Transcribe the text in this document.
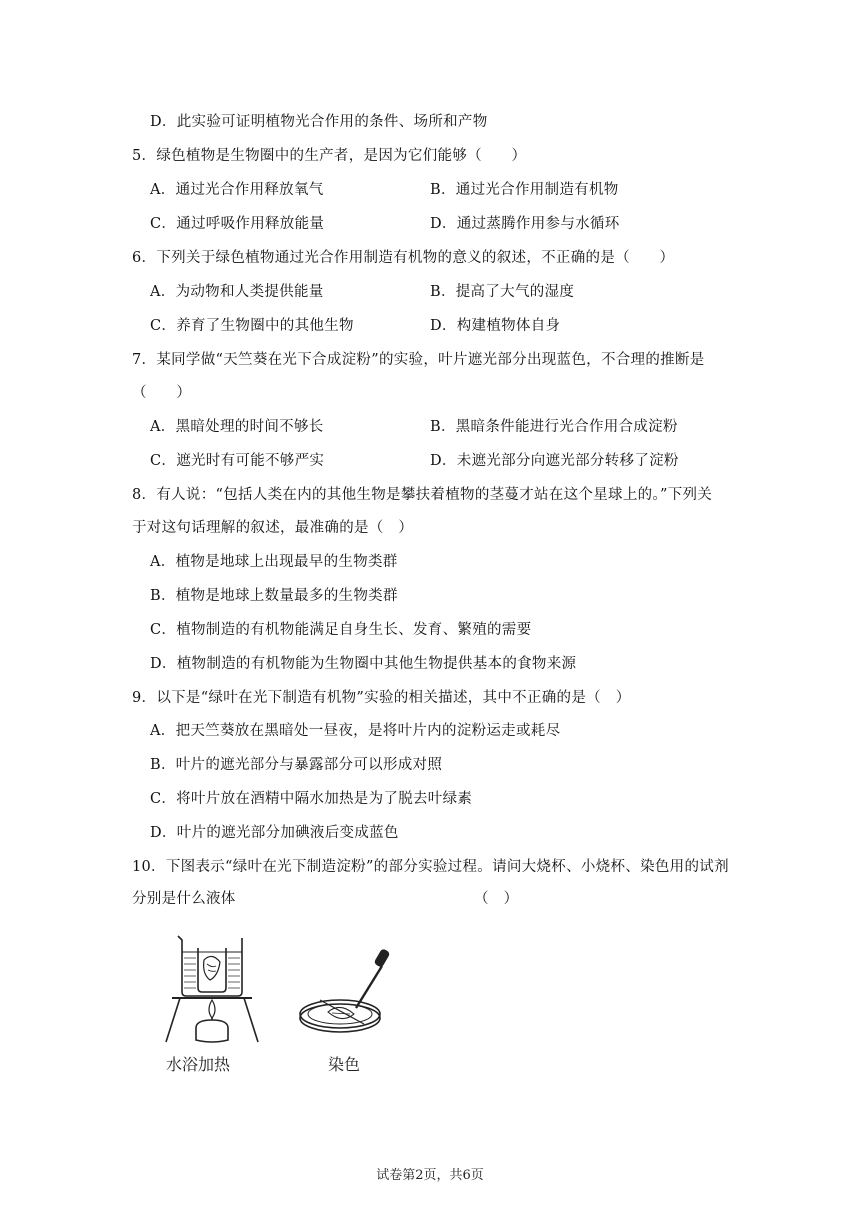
D．此实验可证明植物光合作用的条件、场所和产物
5．绿色植物是生物圈中的生产者，是因为它们能够（　　）
A．通过光合作用释放氧气	B．通过光合作用制造有机物
C．通过呼吸作用释放能量	D．通过蒸腾作用参与水循环
6．下列关于绿色植物通过光合作用制造有机物的意义的叙述，不正确的是（　　）
A．为动物和人类提供能量	B．提高了大气的湿度
C．养育了生物圈中的其他生物	D．构建植物体自身
7．某同学做“天竺葵在光下合成淀粉”的实验，叶片遮光部分出现蓝色，不合理的推断是
（　　）
A．黑暗处理的时间不够长	B．黑暗条件能进行光合作用合成淀粉
C．遮光时有可能不够严实	D．未遮光部分向遮光部分转移了淀粉
8．有人说：“包括人类在内的其他生物是攀扶着植物的茎蔓才站在这个星球上的。”下列关
于对这句话理解的叙述，最准确的是（　）
A．植物是地球上出现最早的生物类群
B．植物是地球上数量最多的生物类群
C．植物制造的有机物能满足自身生长、发育、繁殖的需要
D．植物制造的有机物能为生物圈中其他生物提供基本的食物来源
9．以下是“绿叶在光下制造有机物”实验的相关描述，其中不正确的是（　）
A．把天竺葵放在黑暗处一昼夜，是将叶片内的淀粉运走或耗尽
B．叶片的遮光部分与暴露部分可以形成对照
C．将叶片放在酒精中隔水加热是为了脱去叶绿素
D．叶片的遮光部分加碘液后变成蓝色
10．下图表示“绿叶在光下制造淀粉”的部分实验过程。请问大烧杯、小烧杯、染色用的试剂
分别是什么液体	（　）
水浴加热	染色
试卷第2页，共6页
